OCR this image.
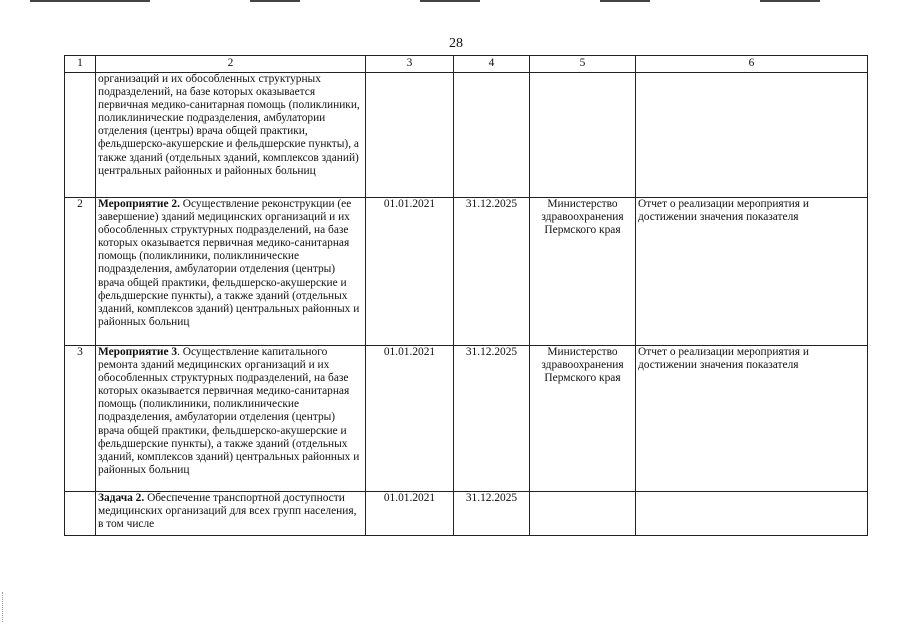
28
1	2	3	4	5	6
	организаций и их обособленных структурных подразделений, на базе которых оказывается первичная медико-санитарная помощь (поликлиники, поликлинические подразделения, амбулатории отделения (центры) врача общей практики, фельдшерско-акушерские и фельдшерские пункты), а также зданий (отдельных зданий, комплексов зданий) центральных районных и районных больниц				
2	Мероприятие 2. Осуществление реконструкции (ее завершение) зданий медицинских организаций и их обособленных структурных подразделений, на базе которых оказывается первичная медико-санитарная помощь (поликлиники, поликлинические подразделения, амбулатории отделения (центры) врача общей практики, фельдшерско-акушерские и фельдшерские пункты), а также зданий (отдельных зданий, комплексов зданий) центральных районных и районных больниц	01.01.2021	31.12.2025	Министерство здравоохранения Пермского края	Отчет о реализации мероприятия и достижении значения показателя
3	Мероприятие 3. Осуществление капитального ремонта зданий медицинских организаций и их обособленных структурных подразделений, на базе которых оказывается первичная медико-санитарная помощь (поликлиники, поликлинические подразделения, амбулатории отделения (центры) врача общей практики, фельдшерско-акушерские и фельдшерские пункты), а также зданий (отдельных зданий, комплексов зданий) центральных районных и районных больниц	01.01.2021	31.12.2025	Министерство здравоохранения Пермского края	Отчет о реализации мероприятия и достижении значения показателя
	Задача 2. Обеспечение транспортной доступности медицинских организаций для всех групп населения, в том числе	01.01.2021	31.12.2025		
